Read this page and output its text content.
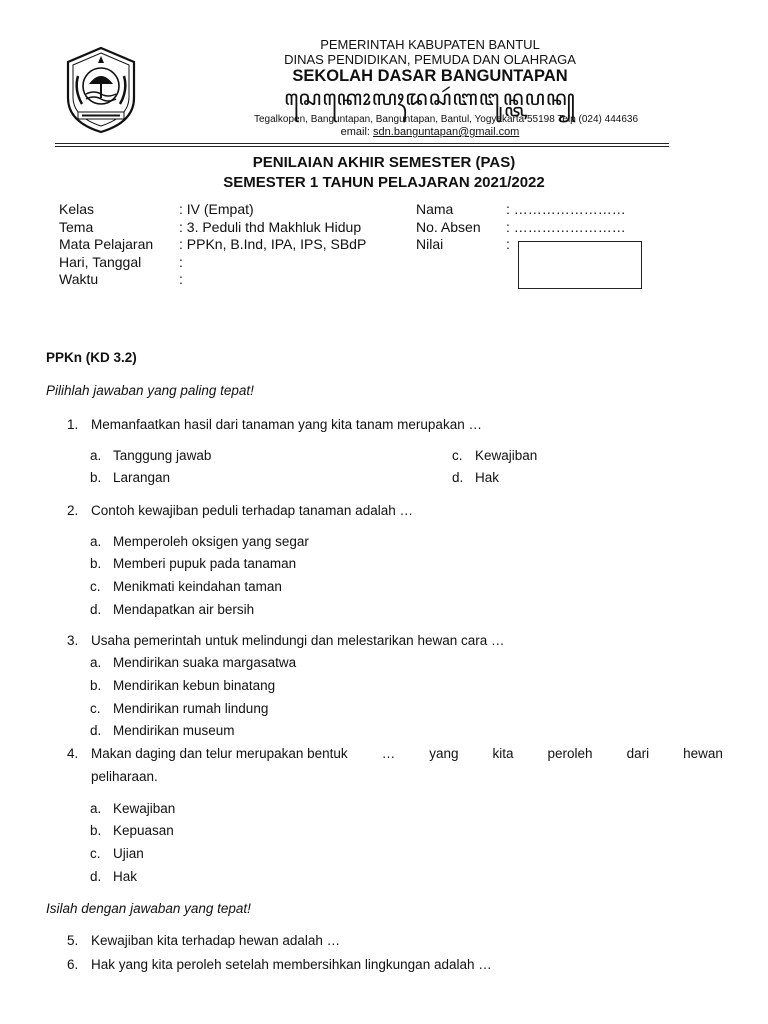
PEMERINTAH KABUPATEN BANTUL
DINAS PENDIDIKAN, PEMUDA DAN OLAHRAGA
SEKOLAH DASAR BANGUNTAPAN
ꦱꦺꦏꦺꦴꦭꦃꦢꦱꦂꦧꦔꦸꦤ꧀ꦠꦥꦤ꧀
Tegalkopen, Banguntapan, Banguntapan, Bantul, Yogyakarta 55198 Telp (024) 444636
email: sdn.banguntapan@gmail.com
PENILAIAN AKHIR SEMESTER (PAS)
SEMESTER 1 TAHUN PELAJARAN 2021/2022
Kelas	: IV (Empat)
Tema	: 3. Peduli thd Makhluk Hidup
Mata Pelajaran : PPKn, B.Ind, IPA, IPS, SBdP
Hari, Tanggal	:
Waktu	:
Nama	: ……………………
No. Absen : ……………………
Nilai	:
PPKn (KD 3.2)
Pilihlah jawaban yang paling tepat!
1. Memanfaatkan hasil dari tanaman yang kita tanam merupakan …
a. Tanggung jawab
b. Larangan
c. Kewajiban
d. Hak
2. Contoh kewajiban peduli terhadap tanaman adalah …
a. Memperoleh oksigen yang segar
b. Memberi pupuk pada tanaman
c. Menikmati keindahan taman
d. Mendapatkan air bersih
3. Usaha pemerintah untuk melindungi dan melestarikan hewan cara …
a. Mendirikan suaka margasatwa
b. Mendirikan kebun binatang
c. Mendirikan rumah lindung
d. Mendirikan museum
4. Makan daging dan telur merupakan bentuk	…	yang	kita	peroleh	dari	hewan
peliharaan.
a. Kewajiban
b. Kepuasan
c. Ujian
d. Hak
Isilah dengan jawaban yang tepat!
5. Kewajiban kita terhadap hewan adalah …
6. Hak yang kita peroleh setelah membersihkan lingkungan adalah …
